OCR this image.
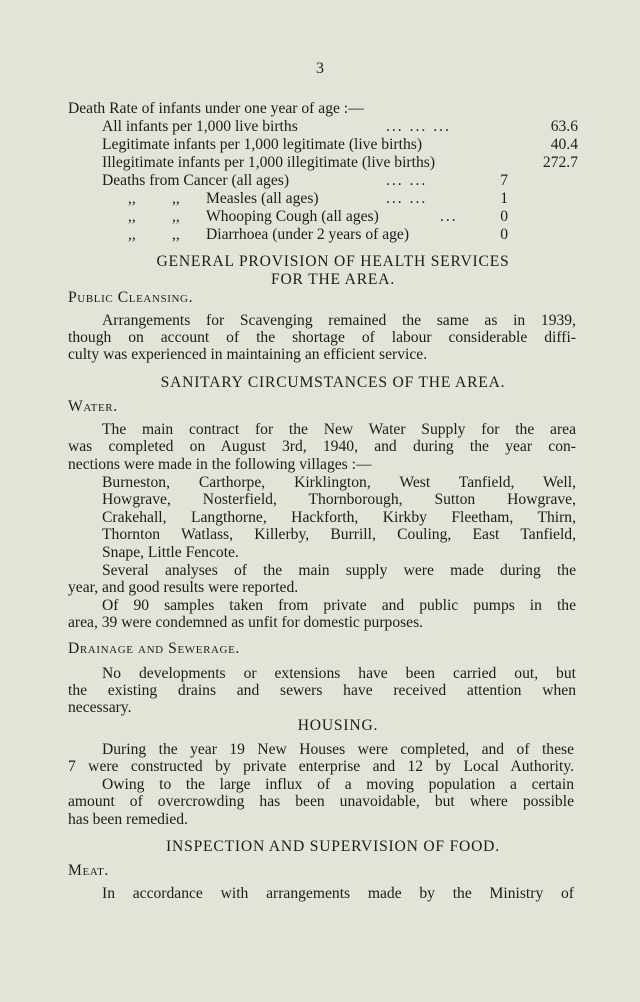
3
Death Rate of infants under one year of age :—
All infants per 1,000 live births	... ... ...	63.6
Legitimate infants per 1,000 legitimate (live births)	40.4
Illegitimate infants per 1,000 illegitimate (live births)	272.7
Deaths from Cancer (all ages)	... ...	7
,, ,, Measles (all ages)	... ...	1
,, ,, Whooping Cough (all ages)	...	0
,, ,, Diarrhoea (under 2 years of age)	0
GENERAL PROVISION OF HEALTH SERVICES
FOR THE AREA.
Public Cleansing.
Arrangements for Scavenging remained the same as in 1939,
though on account of the shortage of labour considerable diffi-
culty was experienced in maintaining an efficient service.
SANITARY CIRCUMSTANCES OF THE AREA.
Water.
The main contract for the New Water Supply for the area
was completed on August 3rd, 1940, and during the year con-
nections were made in the following villages :—
Burneston, Carthorpe, Kirklington, West Tanfield, Well,
Howgrave, Nosterfield, Thornborough, Sutton Howgrave,
Crakehall, Langthorne, Hackforth, Kirkby Fleetham, Thirn,
Thornton Watlass, Killerby, Burrill, Couling, East Tanfield,
Snape, Little Fencote.
Several analyses of the main supply were made during the
year, and good results were reported.
Of 90 samples taken from private and public pumps in the
area, 39 were condemned as unfit for domestic purposes.
Drainage and Sewerage.
No developments or extensions have been carried out, but
the existing drains and sewers have received attention when
necessary.
HOUSING.
During the year 19 New Houses were completed, and of these
7 were constructed by private enterprise and 12 by Local Authority.
Owing to the large influx of a moving population a certain
amount of overcrowding has been unavoidable, but where possible
has been remedied.
INSPECTION AND SUPERVISION OF FOOD.
Meat.
In accordance with arrangements made by the Ministry of
